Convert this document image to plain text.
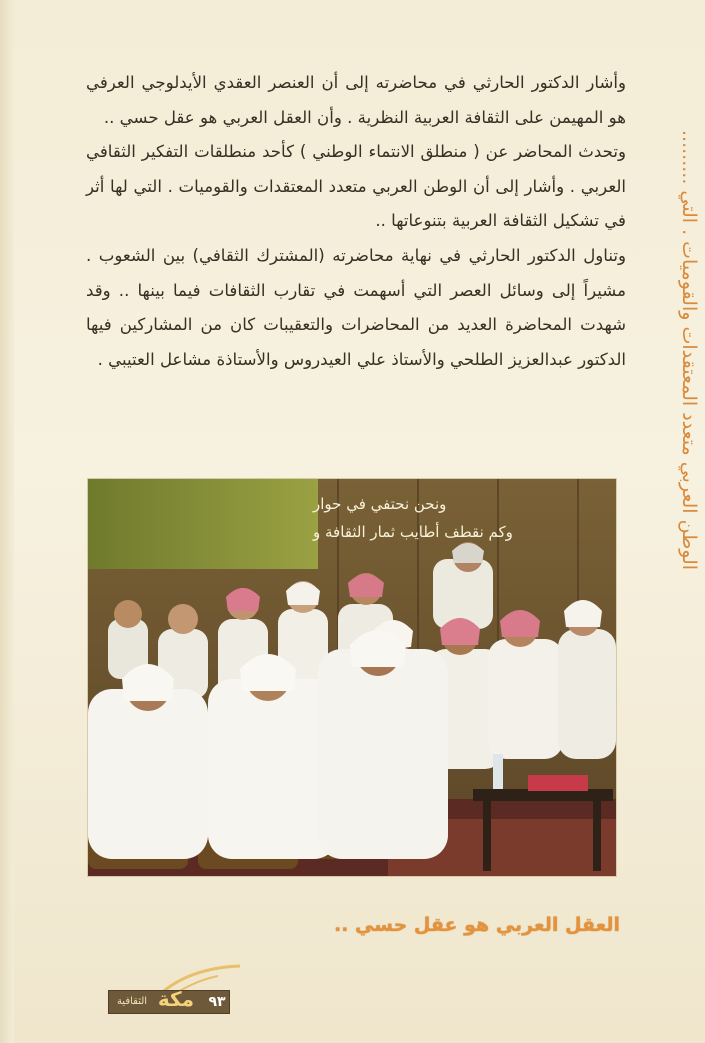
وأشار الدكتور الحارثي في محاضرته إلى أن العنصر العقدي الأيدلوجي العرفي هو المهيمن على الثقافة العربية النظرية . وأن العقل العربي هو عقل حسي ..

وتحدث المحاضر عن ( منطلق الانتماء الوطني ) كأحد منطلقات التفكير الثقافي العربي . وأشار إلى أن الوطن العربي متعدد المعتقدات والقوميات . التي لها أثر في تشكيل الثقافة العربية بتنوعاتها ..

وتناول الدكتور الحارثي في نهاية محاضرته (المشترك الثقافي) بين الشعوب . مشيراً إلى وسائل العصر التي أسهمت في تقارب الثقافات فيما بينها .. وقد شهدت المحاضرة العديد من المحاضرات والتعقيبات كان من المشاركين فيها الدكتور عبدالعزيز الطلحي والأستاذ علي العيدروس والأستاذة مشاعل العتيبي .	الوطن العربي متعدد المعتقدات والقوميات . التي .........
ونحن نحتفي في حوار
وكم نقطف أطايب ثمار الثقافة و
العقل العربي هو عقل حسي ..
الثقافية مكة	٩٣
